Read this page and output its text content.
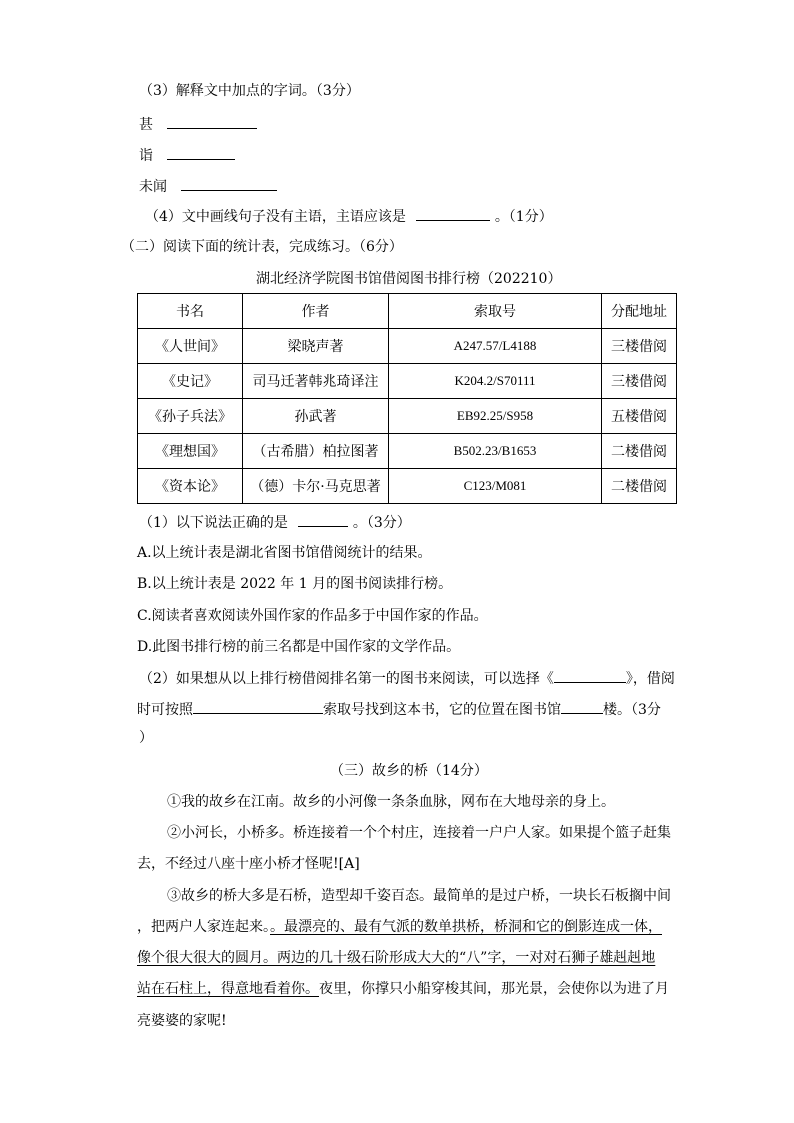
（3）解释文中加点的字词。（3分）
甚
诣
未闻
（4）文中画线句子没有主语，主语应该是	。（1分）
（二）阅读下面的统计表，完成练习。（6分）
湖北经济学院图书馆借阅图书排行榜（202210）
书名	作者	索取号	分配地址
《人世间》	梁晓声著	A247.57/L4188	三楼借阅
《史记》	司马迁著韩兆琦译注	K204.2/S70111	三楼借阅
《孙子兵法》	孙武著	EB92.25/S958	五楼借阅
《理想国》	（古希腊）柏拉图著	B502.23/B1653	二楼借阅
《资本论》	（德）卡尔·马克思著	C123/M081	二楼借阅
（1）以下说法正确的是	。（3分）
A.以上统计表是湖北省图书馆借阅统计的结果。
B.以上统计表是 2022 年 1 月的图书阅读排行榜。
C.阅读者喜欢阅读外国作家的作品多于中国作家的作品。
D.此图书排行榜的前三名都是中国作家的文学作品。
（2）如果想从以上排行榜借阅排名第一的图书来阅读，可以选择《	》，借阅
时可按照	索取号找到这本书，它的位置在图书馆	楼。（3分
）
（三）故乡的桥（14分）
①我的故乡在江南。故乡的小河像一条条血脉，网布在大地母亲的身上。
②小河长，小桥多。桥连接着一个个村庄，连接着一户户人家。如果提个篮子赶集
去，不经过八座十座小桥才怪呢![A]
③故乡的桥大多是石桥，造型却千姿百态。最简单的是过户桥，一块长石板搁中间
，把两户人家连起来。。最漂亮的、最有气派的数单拱桥，桥洞和它的倒影连成一体，
像个很大很大的圆月。两边的几十级石阶形成大大的“八”字，一对对石狮子雄赳赳地
站在石柱上，得意地看着你。夜里，你撑只小船穿梭其间，那光景，会使你以为进了月
亮婆婆的家呢!
